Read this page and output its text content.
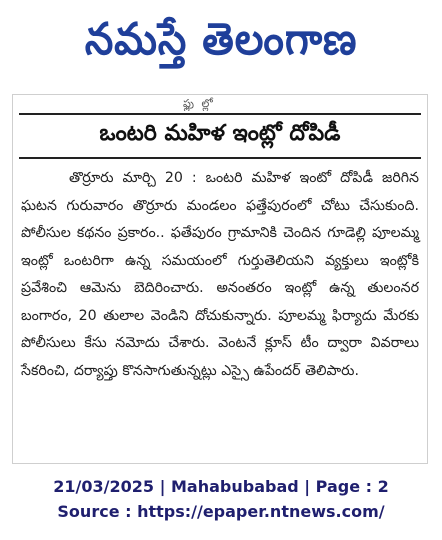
నమస్తే తెలంగాణ
ఫ్లు ల్లో
ఒంటరి మహిళ ఇంట్లో దోపిడీ

తొర్రూరు మార్చి 20 : ఒంటరి మహిళ ఇంటో దోపిడీ జరిగిన ఘటన గురువారం తొర్రూరు మండలం ఫత్తేపురంలో చోటు చేసుకుంది. పోలీసుల కథనం ప్రకారం.. ఫతేపురం గ్రామానికి చెందిన గూడెల్లి పూలమ్మ ఇంట్లో ఒంటరిగా ఉన్న సమయంలో గుర్తుతెలియని వ్యక్తులు ఇంట్లోకి ప్రవేశించి ఆమెను బెదిరించారు. అనంతరం ఇంట్లో ఉన్న తులంనర బంగారం, 20 తులాల వెండిని దోచుకున్నారు. పూలమ్మ ఫిర్యాదు మేరకు పోలీసులు కేసు నమోదు చేశారు. వెంటనే క్లూస్ టీం ద్వారా వివరాలు సేకరించి, దర్యాప్తు కొనసాగుతున్నట్లు ఎస్సై ఉపేందర్ తెలిపారు.

21/03/2025 | Mahabubabad | Page : 2
Source : https://epaper.ntnews.com/
